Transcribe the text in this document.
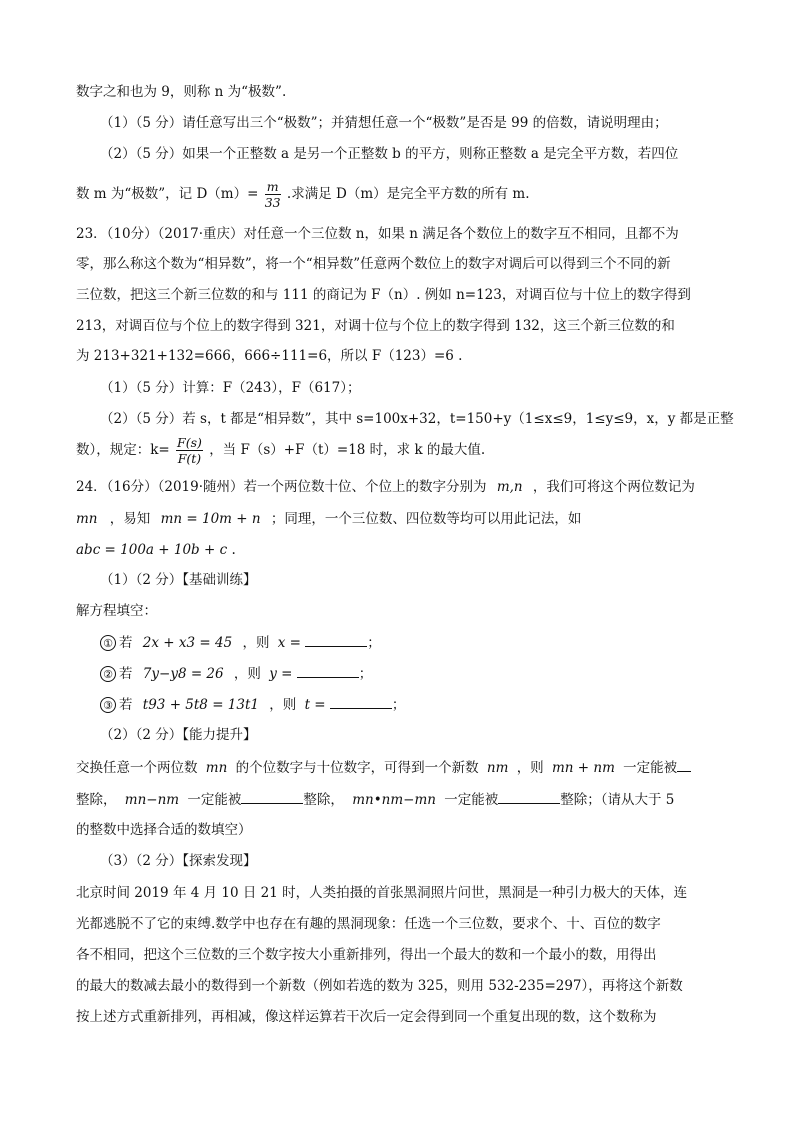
数字之和也为 9，则称 n 为“极数”.
（1）（5 分）请任意写出三个“极数”；并猜想任意一个“极数”是否是 99 的倍数，请说明理由；
（2）（5 分）如果一个正整数 a 是另一个正整数 b 的平方，则称正整数 a 是完全平方数，若四位
数 m 为“极数”，记 $D(m)= \frac{m}{33}$ .求满足 D（m）是完全平方数的所有 m.
23．（10分）（2017·重庆）对任意一个三位数 n，如果 n 满足各个数位上的数字互不相同，且都不为
零，那么称这个数为“相异数”，将一个“相异数”任意两个数位上的数字对调后可以得到三个不同的新
三位数，把这三个新三位数的和与 111 的商记为 F（n）. 例如 n=123，对调百位与十位上的数字得到
213，对调百位与个位上的数字得到 321，对调十位与个位上的数字得到 132，这三个新三位数的和
为 213+321+132=666，666÷111=6，所以 F（123）=6 .
（1）（5 分）计算：F（243），F（617）；
（2）（5 分）若 s，t 都是“相异数”，其中 s=100x+32，t=150+y（1≤x≤9，1≤y≤9，x，y 都是正整
数），规定：$k= \frac{F(s)}{F(t)}$ ，当 F（s）+F（t）=18 时，求 k 的最大值.
24．（16分）（2019·随州）若一个两位数十位、个位上的数字分别为 m,n ，我们可将这个两位数记为
mn ，易知 mn = 10m + n ；同理，一个三位数、四位数等均可以用此记法，如
abc = 100a + 10b + c .
（1）（2 分）【基础训练】
解方程填空：
① 若 2x + x3 = 45 ，则 x =	；
② 若 7y−y8 = 26 ，则 y =	；
③ 若 t93 + 5t8 = 13t1 ，则 t =	；
（2）（2 分）【能力提升】
交换任意一个两位数 mn 的个位数字与十位数字，可得到一个新数 nm ，则 mn + nm 一定能被
整除， mn−nm 一定能被	整除， mn•nm−mn 一定能被	整除；（请从大于 5
的整数中选择合适的数填空）
（3）（2 分）【探索发现】
北京时间 2019 年 4 月 10 日 21 时，人类拍摄的首张黑洞照片问世，黑洞是一种引力极大的天体，连
光都逃脱不了它的束缚.数学中也存在有趣的黑洞现象：任选一个三位数，要求个、十、百位的数字
各不相同，把这个三位数的三个数字按大小重新排列，得出一个最大的数和一个最小的数，用得出
的最大的数减去最小的数得到一个新数（例如若选的数为 325，则用 532-235=297），再将这个新数
按上述方式重新排列，再相减，像这样运算若干次后一定会得到同一个重复出现的数，这个数称为
